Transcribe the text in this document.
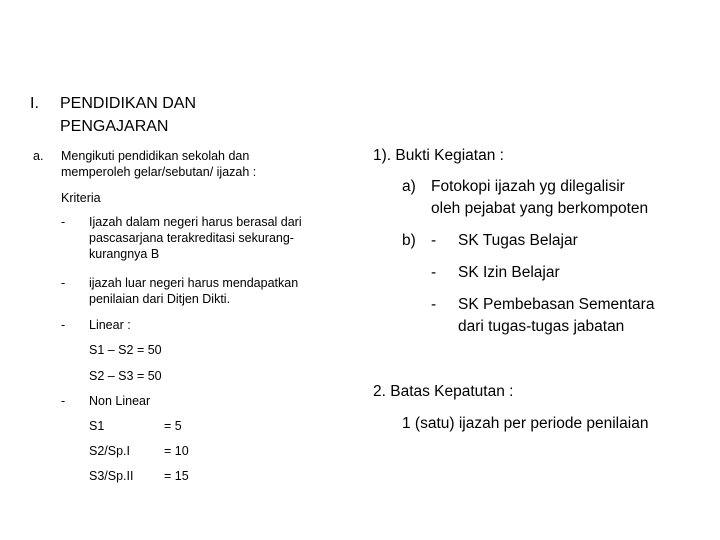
I. PENDIDIKAN DAN
PENGAJARAN
a. Mengikuti pendidikan sekolah dan
memperoleh gelar/sebutan/ ijazah :
Kriteria
- Ijazah dalam negeri harus berasal dari
pascasarjana terakreditasi sekurang-
kurangnya B
- ijazah luar negeri harus mendapatkan
penilaian dari Ditjen Dikti.
- Linear :
S1 – S2 = 50
S2 – S3 = 50
- Non Linear
S1	= 5
S2/Sp.I	= 10
S3/Sp.II = 15
1). Bukti Kegiatan :
a) Fotokopi ijazah yg dilegalisir
oleh pejabat yang berkompoten
b) - SK Tugas Belajar
- SK Izin Belajar
- SK Pembebasan Sementara
dari tugas-tugas jabatan
2. Batas Kepatutan :
1 (satu) ijazah per periode penilaian
